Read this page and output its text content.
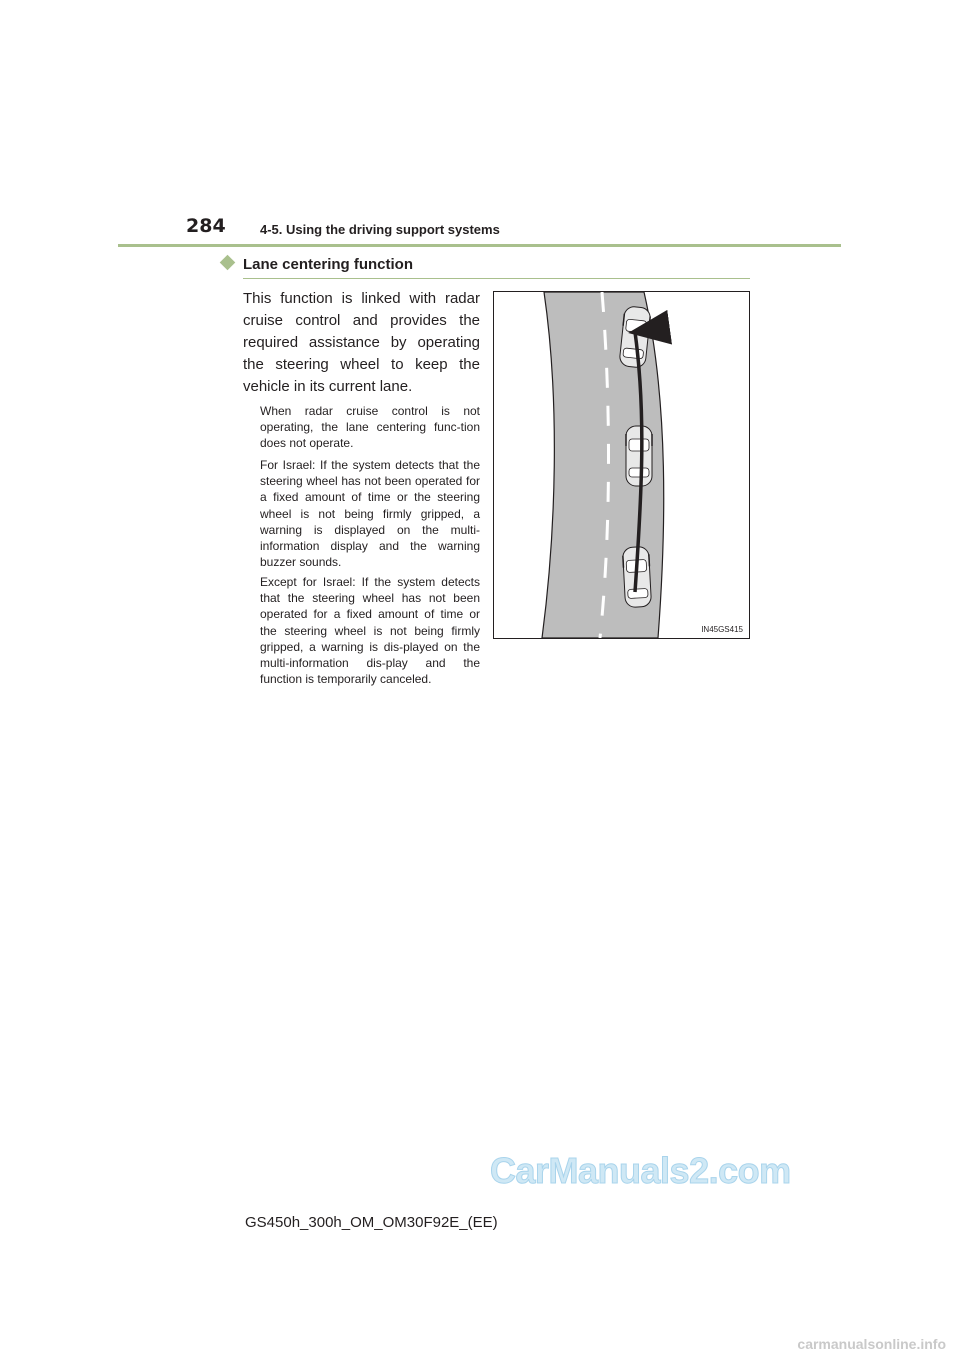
284	4-5. Using the driving support systems
Lane centering function

This function is linked with radar cruise control and provides the required assistance by operating the steering wheel to keep the vehicle in its current lane.

When radar cruise control is not operating, the lane centering func-tion does not operate.

For Israel: If the system detects that the steering wheel has not been operated for a fixed amount of time or the steering wheel is not being firmly gripped, a warning is displayed on the multi-information display and the warning buzzer sounds.

Except for Israel: If the system detects that the steering wheel has not been operated for a fixed amount of time or the steering wheel is not being firmly gripped, a warning is dis-played on the multi-information dis-play and the function is temporarily canceled.

IN45GS415
CarManuals2.com
GS450h_300h_OM_OM30F92E_(EE)
carmanualsonline.info
